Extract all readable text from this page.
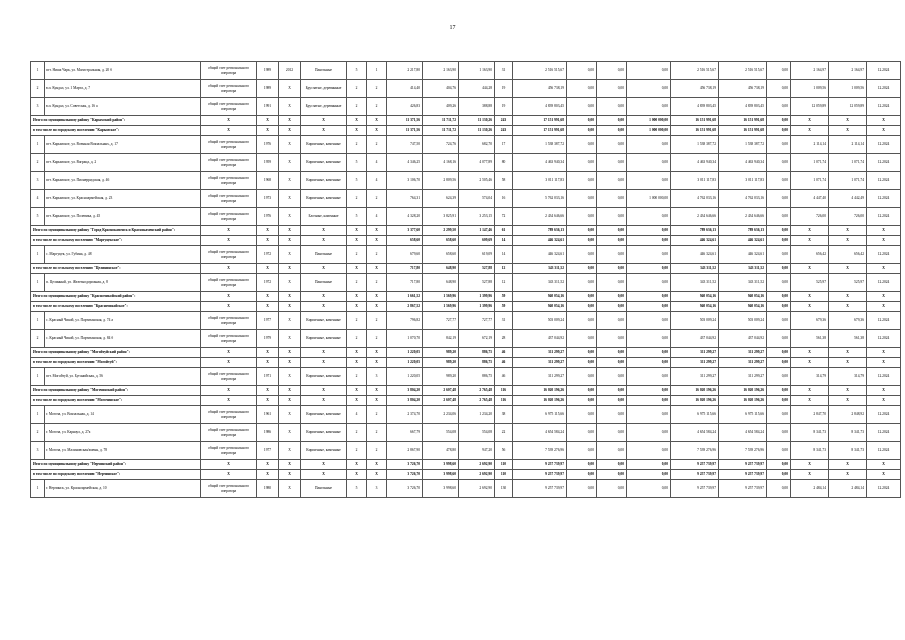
17
1	пгт. Ниша Чарк, ул. Магистральная, д. 20 б	общий счет регионального оператора	1989	2012	Панельные	5	1	2 217,80	2 163,90	1 163,90	31	2 516 515,67	0,00	0,00	0,00	2 516 515,67	2 516 515,67	0,00	2 164,97	2 164,97	12.2024
2	в.п. Кундал, ул. 1 Марта, д. 7	общий счет регионального оператора	1989	X	Брусчатые, деревянные	2	2	414,40	404,76	444,28	19	456 738,19	0,00	0,00	0,00	456 738,19	456 738,19	0,00	1 009,56	1 009,56	12.2024
3	в.п. Кундал, ул. Советская, д. 16 а	общий счет регионального оператора	1991	X	Брусчатые, деревянные	2	2	426,83	409,26	388,88	19	4 839 803,45	0,00	0,00	0,00	4 839 803,45	4 839 803,45	0,00	12 059,89	12 059,89	12.2024
Итого по муниципальному району "Карымский район":		X	X	X	X	X	X	11 371,56	11 711,72	11 130,26	243	17 151 991,68	0,00	0,00	1 000 000,00	16 151 991,68	16 151 991,68	0,00	X	X	X
в том числе по городскому поселению "Карымское":		X	X	X	X	X	X	11 371,56	11 711,72	11 130,26	243	17 151 991,68	0,00	0,00	1 000 000,00	16 151 991,68	16 151 991,68	0,00	X	X	X
1	пгт. Карымское, ул. Военная Вокзальных, д. 17	общий счет регионального оператора	1976	X	Кирпичные, каменные	2	2	747,50	724,76	682,70	17	1 538 387,72	0,00	0,00	0,00	1 538 387,72	1 538 387,72	0,00	2 114,14	2 114,14	12.2024
2	пгт. Карымское, ул. Ваграца, д. 2	общий счет регионального оператора	1959	X	Кирпичные, каменные	5	4	4 346,25	4 168,16	4 077,89	80	4 463 940,34	0,00	0,00	0,00	4 463 940,34	4 463 940,34	0,00	1 071,74	1 071,74	12.2024
3	пгт. Карымское, ул. Пионерридская, д. 46	общий счет регионального оператора	1968	X	Кирпичные, каменные	5	4	3 106,70	2 809,56	2 505,46	58	3 011 117,83	0,00	0,00	0,00	3 011 117,83	3 011 117,83	0,00	1 071,74	1 071,74	12.2024
4	пгт. Карымское, ул. Красноармейская, д. 23	общий счет регионального оператора	1973	X	Кирпичные, каменные	2	2	764,31	624,39	574,04	16	5 762 033,16	0,00	0,00	1 000 000,00	4 762 033,16	4 762 033,16	0,00	4 447,40	4 442,49	12.2024
5	пгт. Карымское, ул. Полевика, д. 45	общий счет регионального оператора	1976	X	Блочные, каменные	5	4	4 328,20	3 825,91	3 253,15	72	2 434 646,66	0,00	0,00	0,00	2 434 646,66	2 434 646,66	0,00	726,00	726,00	12.2024
Итого по муниципальному району "Город Краснокаменск и Краснокаменский район":		X	X	X	X	X	X	3 377,60	2 299,50	1 147,46	61	789 636,13	0,00	0,00	0,00	789 636,13	789 636,13	0,00	X	X	X
в том числе по сельскому поселению "Маргуцекское":		X	X	X	X	X	X	658,60	658,60	609,69	14	446 324,61	0,00	0,00	0,00	446 324,61	446 324,61	0,00	X	X	X
1	с. Маргуцек, ул. Губина, д. 48	общий счет регионального оператора	1972	X	Панельные	2	2	679,60	658,60	619,09	14	446 324,61	0,00	0,00	0,00	446 324,61	446 324,61	0,00	656,42	656,42	12.2024
в том числе по сельскому поселению "Целининское":		X	X	X	X	X	X	717,80	648,90	527,88	12	343 311,52	0,00	0,00	0,00	343 311,52	343 311,52	0,00	X	X	X
1	п. Целинный, ул. Железнодорожная, д. 8	общий счет регионального оператора	1972	X	Панельные	2	2	717,80	648,90	527,88	12	343 311,52	0,00	0,00	0,00	343 311,52	343 311,52	0,00	525,97	525,97	12.2024
Итого по муниципальному району "Красночикойский район":		X	X	X	X	X	X	1 661,52	1 569,96	1 399,96	59	940 054,16	0,00	0,00	0,00	940 054,16	940 054,16	0,00	X	X	X
в том числе по сельскому поселению "Красночикойское":		X	X	X	X	X	X	2 867,52	1 569,96	1 399,96	59	940 054,16	0,00	0,00	0,00	940 054,16	940 054,16	0,00	X	X	X
1	с. Красный Чикой, ул. Партизанская, д. 74 а	общий счет регионального оператора	1977	X	Кирпичные, каменные	2	2	796,82	727,77	727,77	31	503 009,24	0,00	0,00	0,00	503 009,24	503 009,24	0,00	679,36	679,36	12.2024
2	с. Красный Чикой, ул. Партизанская, д. 84 б	общий счет регионального оператора	1979	X	Кирпичные, каменные	2	2	1 070,70	842,19	672,19	28	437 044,92	0,00	0,00	0,00	437 044,92	437 044,92	0,00	561,38	561,38	12.2024
Итого по муниципальному району "Могойтуйский район":		X	X	X	X	X	X	1 220,05	989,20	886,75	46	311 299,27	0,00	0,00	0,00	311 299,27	311 299,27	0,00	X	X	X
в том числе по городскому поселению "Могойтуй":		X	X	X	X	X	X	1 220,05	989,20	886,75	46	311 299,27	0,00	0,00	0,00	311 299,27	311 299,27	0,00	X	X	X
1	пгт. Могойтуй, ул. Буганийская, д. 56	общий счет регионального оператора	1971	X	Кирпичные, каменные	2	3	1 220,05	989,20	886,75	46	311 299,27	0,00	0,00	0,00	311 299,27	311 299,27	0,00	314,79	314,79	12.2024
Итого по муниципальному району "Могочинский район":		X	X	X	X	X	X	3 804,20	2 607,48	2 765,48	116	16 020 196,26	0,00	0,00	0,00	16 020 196,26	16 020 196,26	0,00	X	X	X
в том числе по городскому поселению "Могочинское":		X	X	X	X	X	X	3 804,20	2 607,48	2 765,48	116	16 020 196,26	0,00	0,00	0,00	16 020 196,26	16 020 196,26	0,00	X	X	X
1	г. Могоча, ул. Вокзальная, д. 14	общий счет регионального оператора	1961	X	Кирпичные, каменные	4	2	2 374,70	2 234,06	1 234,20	38	6 975 115,66	0,00	0,00	0,00	6 975 115,66	6 975 115,66	0,00	2 847,70	2 848,92	12.2024
2	г. Могоча, ул. Карнаул, д. 27а	общий счет регионального оператора	1986	X	Кирпичные, каменные	2	2	667,79	554,08	554,08	22	4 654 584,24	0,00	0,00	0,00	4 654 584,24	4 654 584,24	0,00	8 341,73	8 341,73	12.2024
3	г. Могоча, ул. Малиновская/аменн, д. 78	общий счет регионального оператора	1977	X	Кирпичные, каменные	2	2	2 867,90	478,80	947,20	56	7 539 276,96	0,00	0,00	0,00	7 539 276,96	7 539 276,96	0,00	8 341,73	8 341,73	12.2024
Итого по муниципальному району "Нерчинский район":		X	X	X	X	X	X	3 726,70	3 998,60	2 692,90	110	9 257 739,97	0,00	0,00	0,00	9 257 739,97	9 257 739,97	0,00	X	X	X
в том числе по городскому поселению "Нерчинское":		X	X	X	X	X	X	3 726,70	3 998,60	2 692,90	110	9 257 739,97	0,00	0,00	0,00	9 257 739,97	9 257 739,97	0,00	X	X	X
1	г. Нерчинск, ул. Красноармейская, д. 10	общий счет регионального оператора	1980	X	Панельные	5	3	3 726,70	3 998,60	2 692,90	130	9 257 739,97	0,00	0,00	0,00	9 257 739,97	9 257 739,97	0,00	2 484,14	2 484,14	12.2024
